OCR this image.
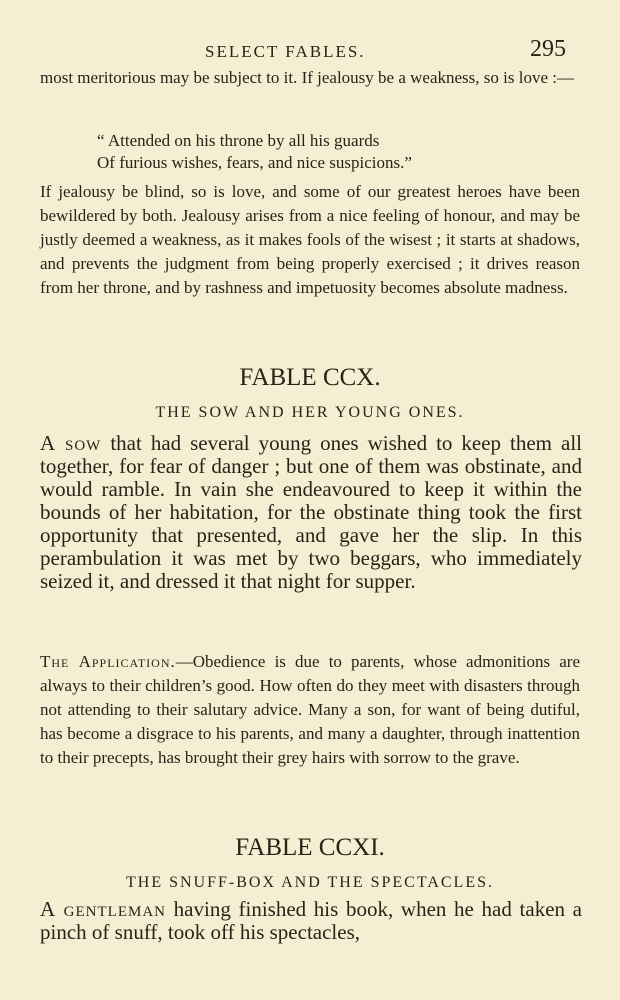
SELECT FABLES.	295

most meritorious may be subject to it. If jealousy be a weakness, so is love :—

“ Attended on his throne by all his guards
Of furious wishes, fears, and nice suspicions.”

If jealousy be blind, so is love, and some of our greatest heroes have been bewildered by both. Jealousy arises from a nice feeling of honour, and may be justly deemed a weakness, as it makes fools of the wisest ; it starts at shadows, and prevents the judgment from being properly exercised ; it drives reason from her throne, and by rashness and impetuosity becomes absolute madness.

FABLE CCX.
THE SOW AND HER YOUNG ONES.

A sow that had several young ones wished to keep them all together, for fear of danger ; but one of them was obstinate, and would ramble. In vain she endeavoured to keep it within the bounds of her habitation, for the obstinate thing took the first opportunity that presented, and gave her the slip. In this perambulation it was met by two beggars, who immediately seized it, and dressed it that night for supper.

The Application.—Obedience is due to parents, whose admonitions are always to their children’s good. How often do they meet with disasters through not attending to their salutary advice. Many a son, for want of being dutiful, has become a disgrace to his parents, and many a daughter, through inattention to their precepts, has brought their grey hairs with sorrow to the grave.

FABLE CCXI.
THE SNUFF-BOX AND THE SPECTACLES.

A gentleman having finished his book, when he had taken a pinch of snuff, took off his spectacles,
